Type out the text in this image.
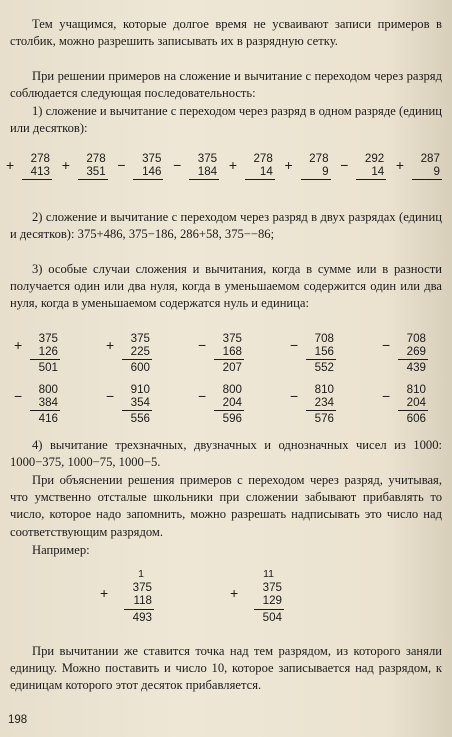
Тем учащимся, которые долгое время не усваивают записи примеров в столбик, можно разрешить записывать их в разрядную сетку.

При решении примеров на сложение и вычитание с переходом через разряд соблюдается следующая последовательность:

1) сложение и вычитание с переходом через разряд в одном разряде (единиц или десятков):

+ 278
413 + 278
351 − 375
146 − 375
184 + 278
14 + 278
9 − 292
14 + 287
9

2) сложение и вычитание с переходом через разряд в двух разрядах (единиц и десятков): 375+486, 375−186, 286+58, 375−−86;

3) особые случаи сложения и вычитания, когда в сумме или в разности получается один или два нуля, когда в уменьшаемом содержится один или два нуля, когда в уменьшаемом содержатся нуль и единица:

+ 375
126
501
+ 375
225
600
− 375
168
207
− 708
156
552
− 708
269
439
− 800
384
416
− 910
354
556
− 800
204
596
− 810
234
576
− 810
204
606

4) вычитание трехзначных, двузначных и однозначных чисел из 1000: 1000−375, 1000−75, 1000−5.

При объяснении решения примеров с переходом через разряд, учитывая, что умственно отсталые школьники при сложении забывают прибавлять то число, которое надо запомнить, можно разрешать надписывать это число над соответствующим разрядом.

Например:

1
+ 375
118
493
11
+ 375
129
504

При вычитании же ставится точка над тем разрядом, из которого заняли единицу. Можно поставить и число 10, которое записывается над разрядом, к единицам которого этот десяток прибавляется.

198
